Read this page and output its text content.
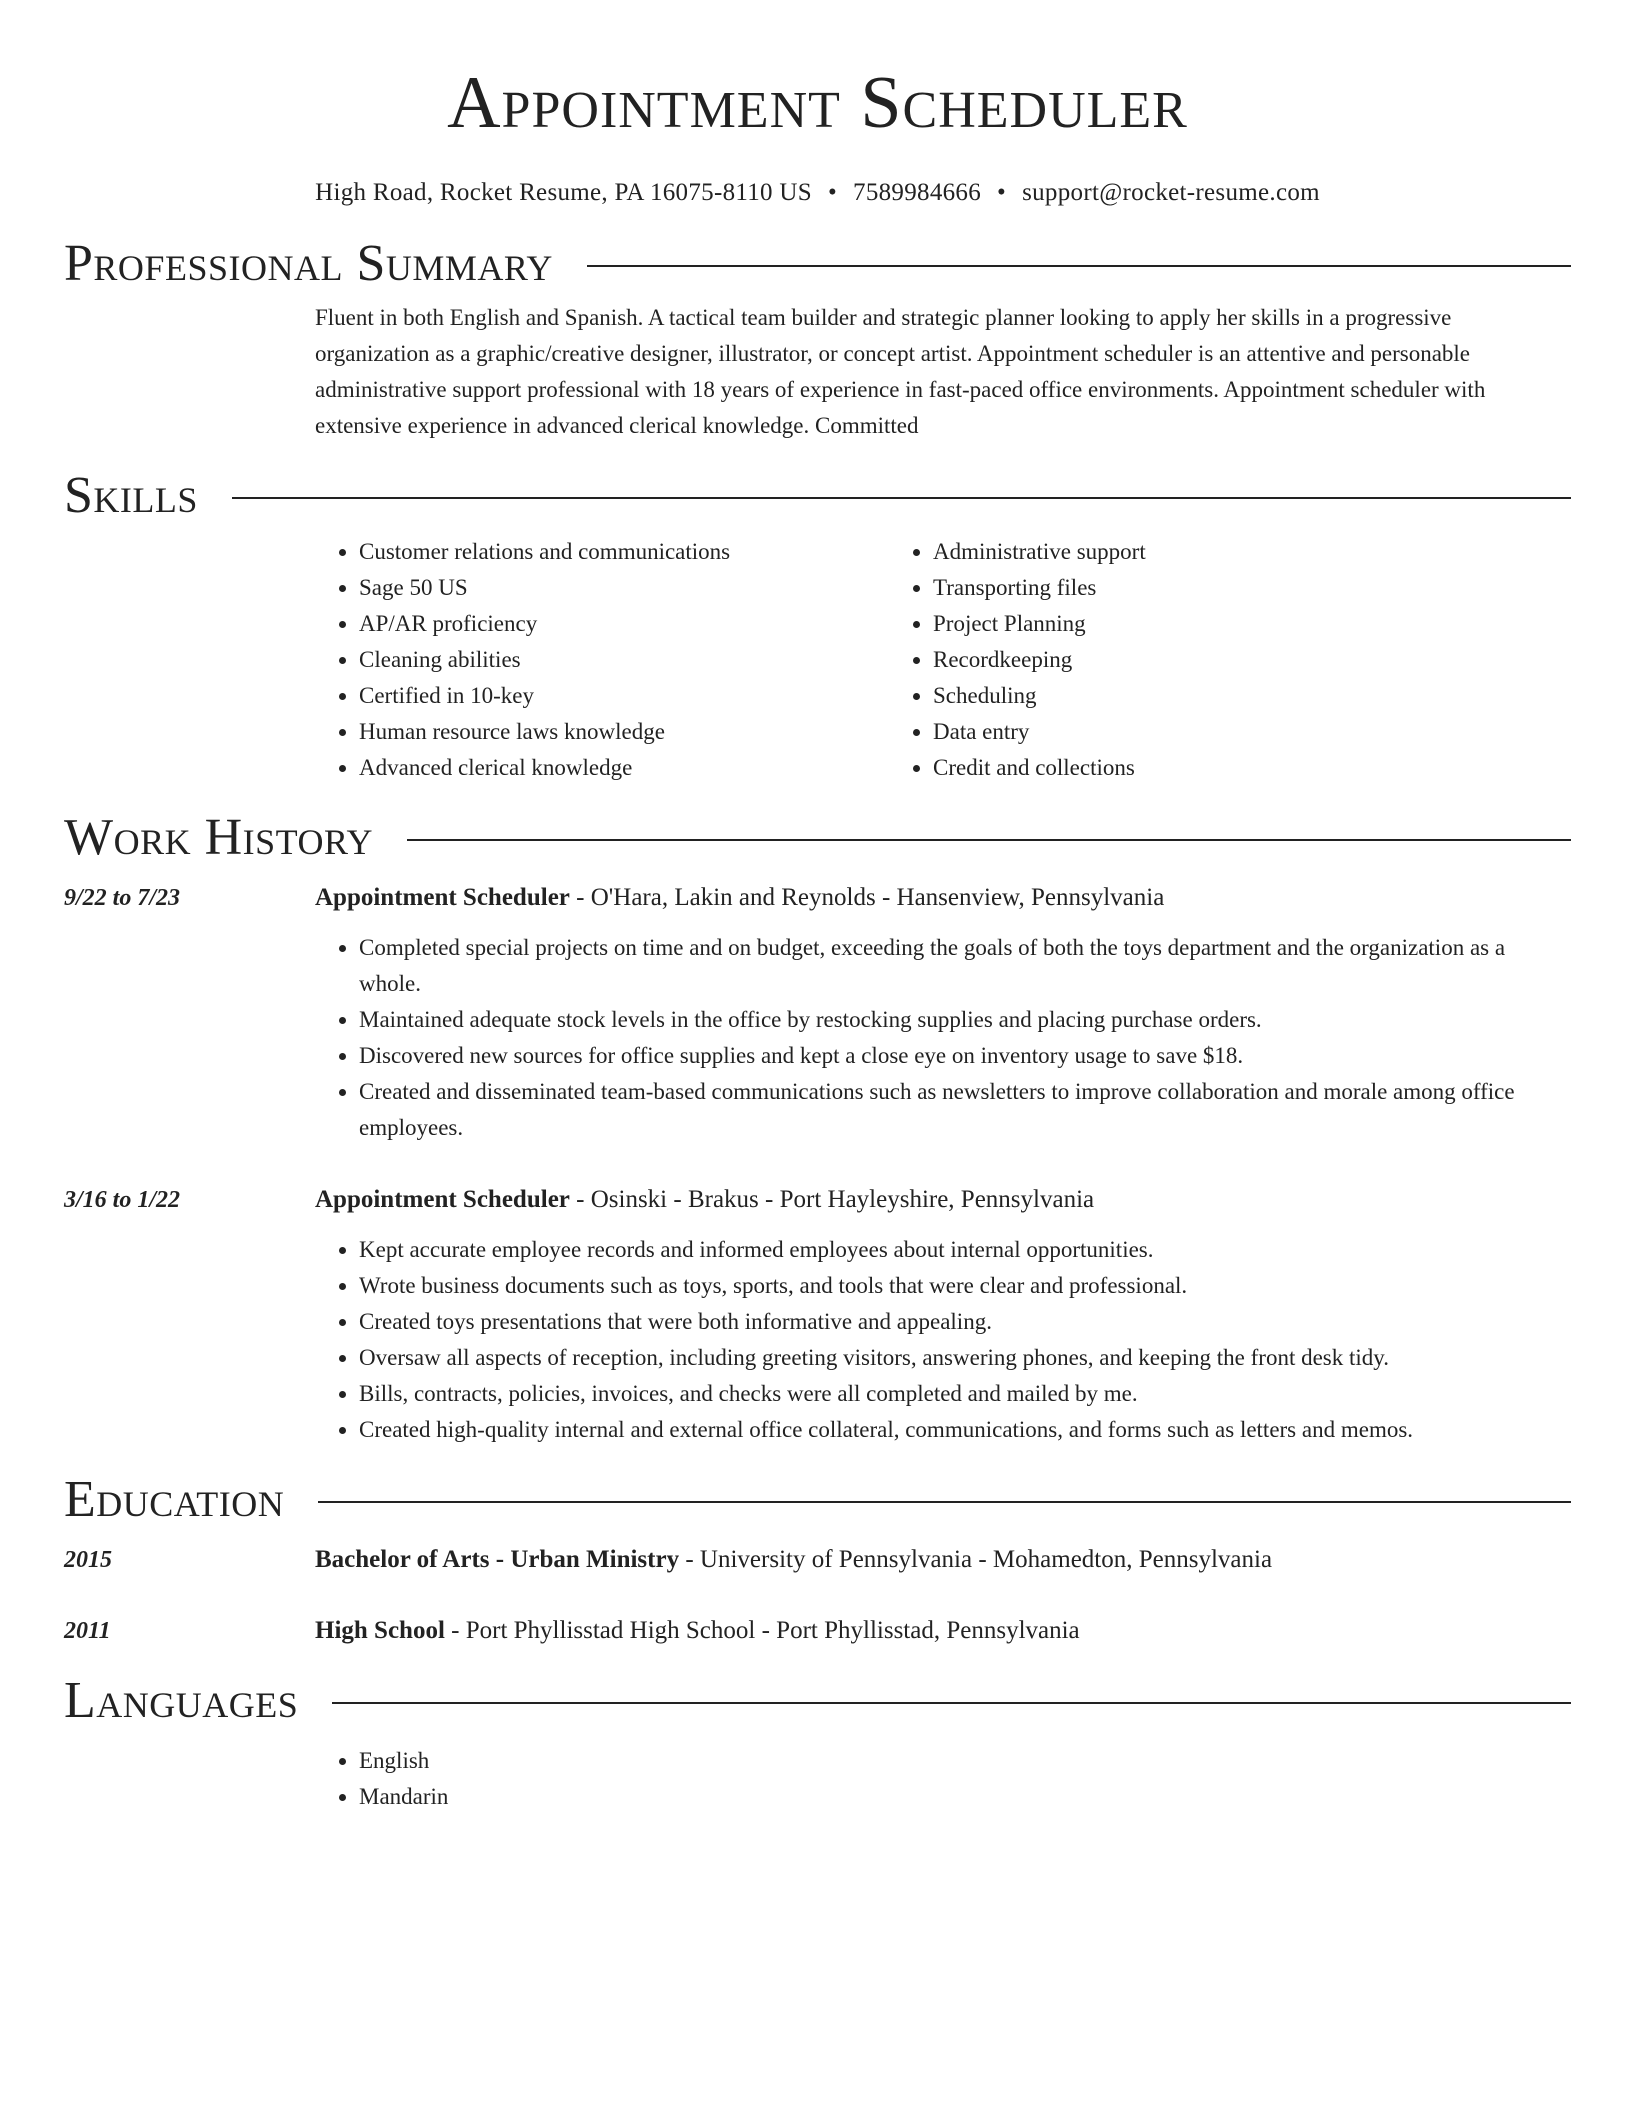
Appointment Scheduler
High Road, Rocket Resume, PA 16075-8110 US • 7589984666 • support@rocket-resume.com
Professional Summary

Fluent in both English and Spanish. A tactical team builder and strategic planner looking to apply her skills in a progressive organization as a graphic/creative designer, illustrator, or concept artist. Appointment scheduler is an attentive and personable administrative support professional with 18 years of experience in fast-paced office environments. Appointment scheduler with extensive experience in advanced clerical knowledge. Committed

Skills
• Customer relations and communications
• Sage 50 US
• AP/AR proficiency
• Cleaning abilities
• Certified in 10-key
• Human resource laws knowledge
• Advanced clerical knowledge
• Administrative support
• Transporting files
• Project Planning
• Recordkeeping
• Scheduling
• Data entry
• Credit and collections
Work History
9/22 to 7/23	Appointment Scheduler - O'Hara, Lakin and Reynolds - Hansenview, Pennsylvania
• Completed special projects on time and on budget, exceeding the goals of both the toys department and the organization as a whole.
• Maintained adequate stock levels in the office by restocking supplies and placing purchase orders.
• Discovered new sources for office supplies and kept a close eye on inventory usage to save $18.
• Created and disseminated team-based communications such as newsletters to improve collaboration and morale among office employees.
3/16 to 1/22	Appointment Scheduler - Osinski - Brakus - Port Hayleyshire, Pennsylvania
• Kept accurate employee records and informed employees about internal opportunities.
• Wrote business documents such as toys, sports, and tools that were clear and professional.
• Created toys presentations that were both informative and appealing.
• Oversaw all aspects of reception, including greeting visitors, answering phones, and keeping the front desk tidy.
• Bills, contracts, policies, invoices, and checks were all completed and mailed by me.
• Created high-quality internal and external office collateral, communications, and forms such as letters and memos.
Education
2015	Bachelor of Arts - Urban Ministry - University of Pennsylvania - Mohamedton, Pennsylvania
2011	High School - Port Phyllisstad High School - Port Phyllisstad, Pennsylvania
Languages
• English
• Mandarin
